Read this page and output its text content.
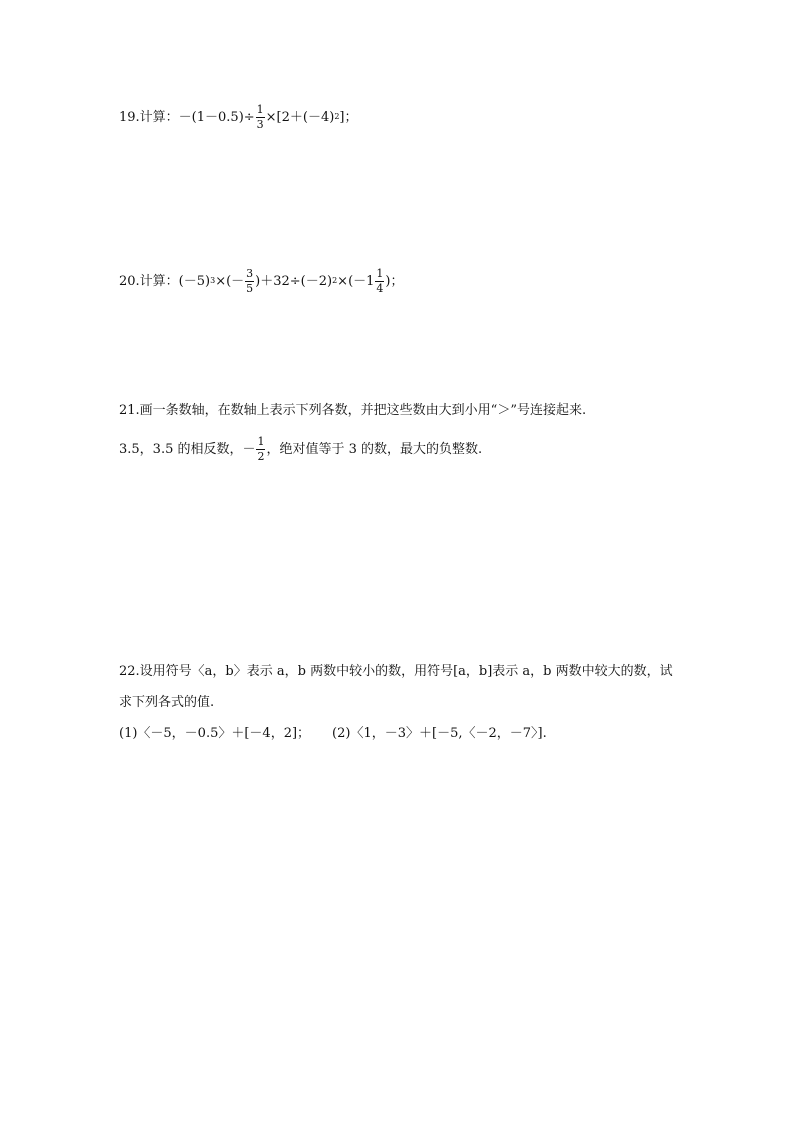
19.计算：$-(1-0.5)\div \frac{1}{3} \times[2+(-4)$ 2 ]；
20.计算：(－5) 3 ×(－ $\frac{3}{5} )+32\div(-2)$ $2 \times(-1 \frac{1}{4}$ )；
21.画一条数轴，在数轴上表示下列各数，并把这些数由大到小用“＞”号连接起来.
3.5，3.5 的相反数，－ $\frac{1}{2}$ ，绝对值等于 3 的数，最大的负整数.
22.设用符号〈a，b〉表示 a，b 两数中较小的数，用符号[a，b]表示 a，b 两数中较大的数，试
求下列各式的值.
(1)〈－5，－0.5〉＋[－4，2]； (2)〈1，－3〉＋[－5,〈－2，－7〉].
